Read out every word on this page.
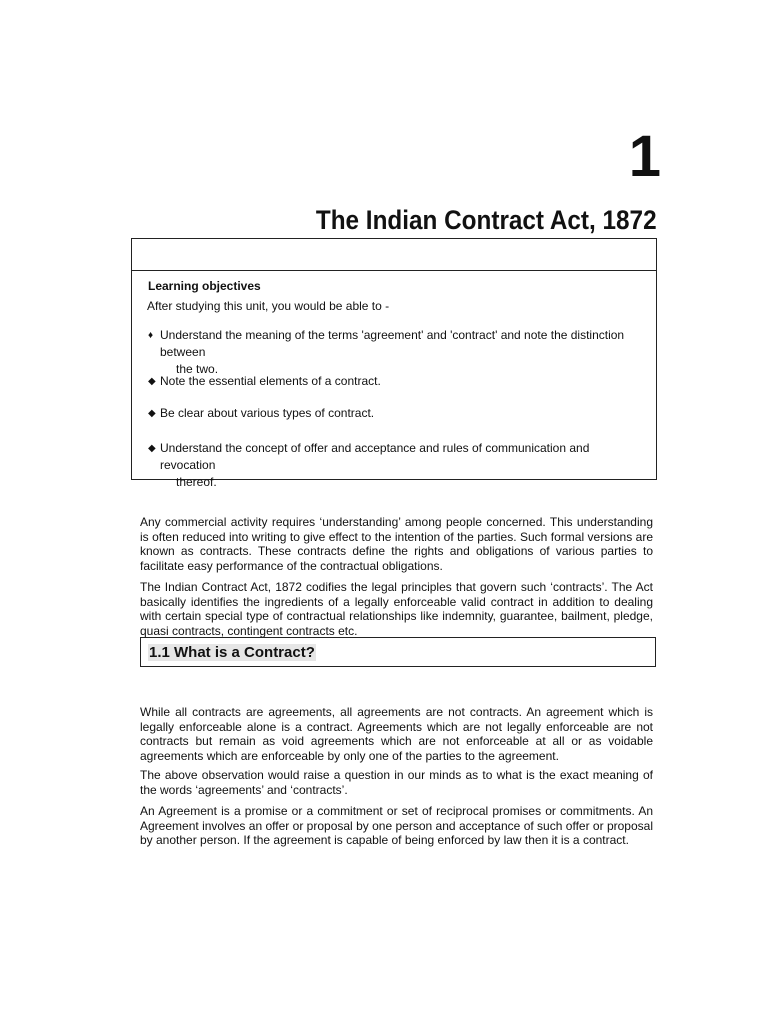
1
The Indian Contract Act, 1872
Learning objectives
After studying this unit, you would be able to -
♦ Understand the meaning of the terms 'agreement' and 'contract' and note the distinction between
the two.
◆ Note the essential elements of a contract.
◆ Be clear about various types of contract.
◆ Understand the concept of offer and acceptance and rules of communication and revocation
thereof.

Any commercial activity requires ‘understanding’ among people concerned. This understanding is often reduced into writing to give effect to the intention of the parties. Such formal versions are known as contracts. These contracts define the rights and obligations of various parties to facilitate easy performance of the contractual obligations.

The Indian Contract Act, 1872 codifies the legal principles that govern such ‘contracts’. The Act basically identifies the ingredients of a legally enforceable valid contract in addition to dealing with certain special type of contractual relationships like indemnity, guarantee, bailment, pledge, quasi contracts, contingent contracts etc.

1.1 What is a Contract?

While all contracts are agreements, all agreements are not contracts. An agreement which is legally enforceable alone is a contract. Agreements which are not legally enforceable are not contracts but remain as void agreements which are not enforceable at all or as voidable agreements which are enforceable by only one of the parties to the agreement.

The above observation would raise a question in our minds as to what is the exact meaning of the words ‘agreements’ and ‘contracts’.

An Agreement is a promise or a commitment or set of reciprocal promises or commitments. An Agreement involves an offer or proposal by one person and acceptance of such offer or proposal by another person. If the agreement is capable of being enforced by law then it is a contract.
